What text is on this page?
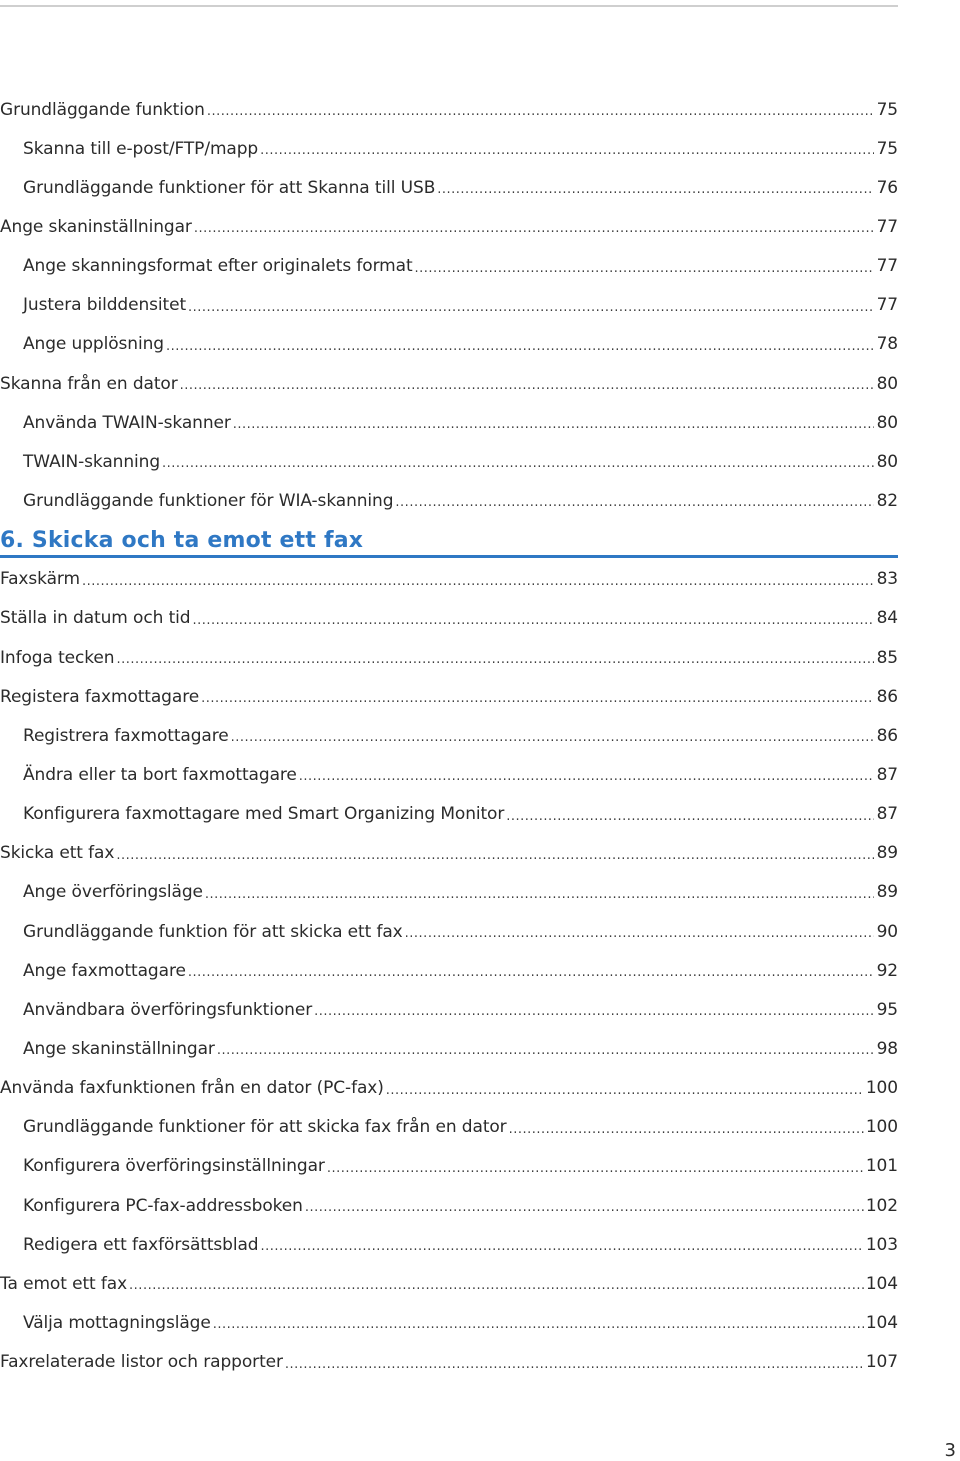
Grundläggande funktion .....	75
Skanna till e-post/FTP/mapp .....	75
Grundläggande funktioner för att Skanna till USB .....	76
Ange skaninställningar .....	77
Ange skanningsformat efter originalets format .....	77
Justera bilddensitet .....	77
Ange upplösning .....	78
Skanna från en dator .....	80
Använda TWAIN-skanner .....	80
TWAIN-skanning .....	80
Grundläggande funktioner för WIA-skanning .....	82
6. Skicka och ta emot ett fax
Faxskärm .....	83
Ställa in datum och tid .....	84
Infoga tecken .....	85
Registera faxmottagare .....	86
Registrera faxmottagare .....	86
Ändra eller ta bort faxmottagare .....	87
Konfigurera faxmottagare med Smart Organizing Monitor .....	87
Skicka ett fax .....	89
Ange överföringsläge .....	89
Grundläggande funktion för att skicka ett fax .....	90
Ange faxmottagare .....	92
Användbara överföringsfunktioner .....	95
Ange skaninställningar .....	98
Använda faxfunktionen från en dator (PC-fax) .....	100
Grundläggande funktioner för att skicka fax från en dator .....	100
Konfigurera överföringsinställningar .....	101
Konfigurera PC-fax-addressboken .....	102
Redigera ett faxförsättsblad .....	103
Ta emot ett fax .....	104
Välja mottagningsläge .....	104
Faxrelaterade listor och rapporter .....	107
3
